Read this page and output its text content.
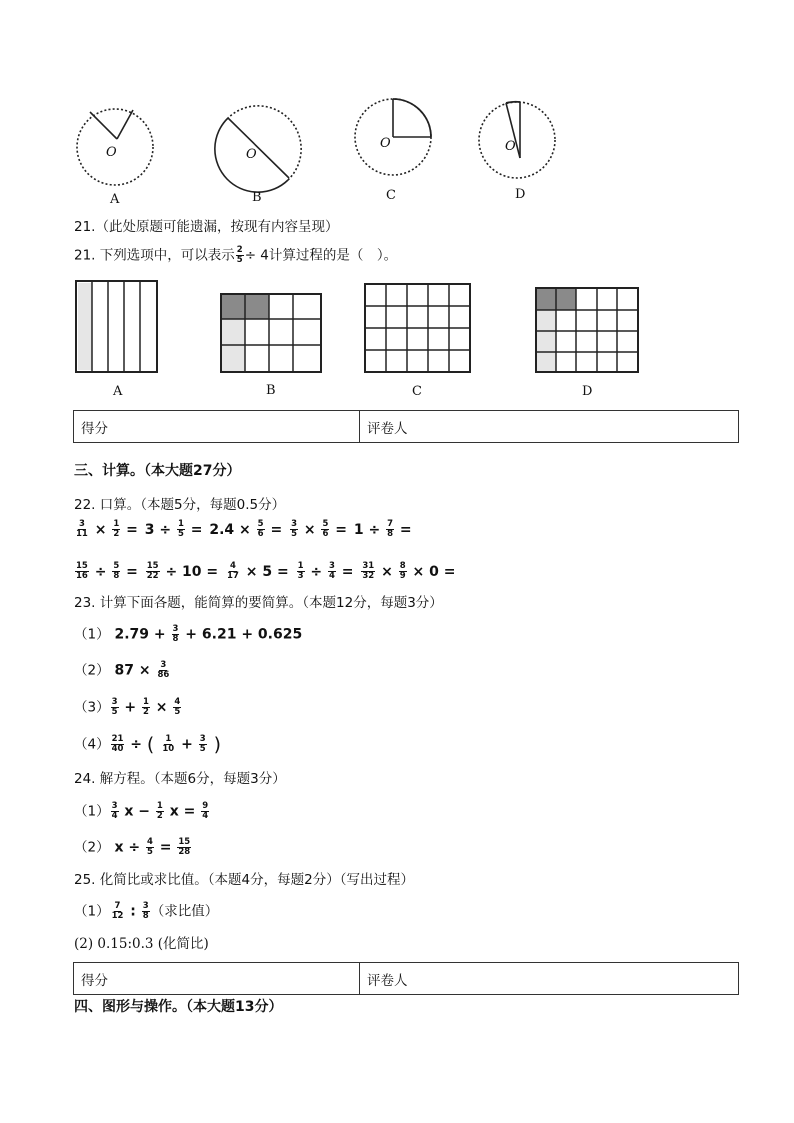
O	O
O	O
A	B	C	D
21.（此处原题可能遗漏，按现有内容呈现）
21. 下列选项中，可以表示 $\frac{2}{5} \div 4$计算过程的是（　）。
A	B	C	D
得分	评卷人
三、计算。（本大题27分）
22. 口算。（本题5分，每题0.5分）
$\frac{3}{11} \times \frac{1}{2} = 3 \div \frac{1}{5} = 2.4 \times \frac{5}{6} = \frac{3}{5} \times \frac{5}{6} = 1 \div \frac{7}{8}$ =
$\frac{15}{16} \div \frac{5}{8} = \frac{15}{22} \div 10 = \frac{4}{17} \times 5 = \frac{1}{3} \div \frac{3}{4} = \frac{31}{32} \times \frac{8}{9} \times 0$ =
23. 计算下面各题，能简算的要简算。（本题12分，每题3分）
（1） $2.79 + \frac{3}{8} + 6.21 + 0.625$
（2） $87 \times \frac{3}{86}$
$(3) \frac{3}{5} + \frac{1}{2} \times \frac{4}{5}$
$(4) \frac{21}{40}$ ÷ ( $\frac{1}{10} + \frac{3}{5}$ )
24. 解方程。（本题6分，每题3分）
$(1) \frac{3}{4}$ $x - \frac{1}{2}$ $x = \frac{9}{4}$
（2） $x \div \frac{4}{5} = \frac{15}{28}$
25. 化简比或求比值。（本题4分，每题2分）（写出过程）
$(1) \frac{7}{12}$ : $\frac{3}{8}$ （求比值）
(2) 0.15:0.3 (化简比)
得分	评卷人
四、图形与操作。（本大题13分）
